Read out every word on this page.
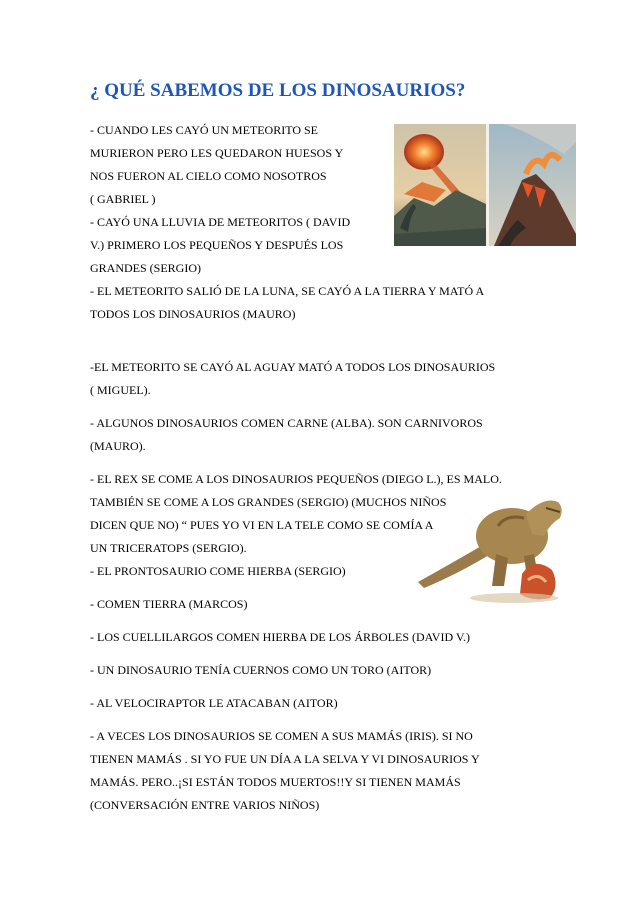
¿ QUÉ SABEMOS DE LOS DINOSAURIOS?

- CUANDO LES CAYÓ UN METEORITO SE

MURIERON PERO LES QUEDARON HUESOS Y

NOS FUERON AL CIELO COMO NOSOTROS

( GABRIEL )

- CAYÓ UNA LLUVIA DE METEORITOS ( DAVID

V.) PRIMERO LOS PEQUEÑOS Y DESPUÉS LOS

GRANDES (SERGIO)

- EL METEORITO SALIÓ DE LA LUNA, SE CAYÓ A LA TIERRA Y MATÓ A

TODOS LOS DINOSAURIOS (MAURO)

-EL METEORITO SE CAYÓ AL AGUAY MATÓ A TODOS LOS DINOSAURIOS

( MIGUEL).

- ALGUNOS DINOSAURIOS COMEN CARNE (ALBA). SON CARNIVOROS

(MAURO).

- EL REX SE COME A LOS DINOSAURIOS PEQUEÑOS (DIEGO L.), ES MALO.

TAMBIÉN SE COME A LOS GRANDES (SERGIO) (MUCHOS NIÑOS

DICEN QUE NO) “ PUES YO VI EN LA TELE COMO SE COMÍA A

UN TRICERATOPS (SERGIO).

- EL PRONTOSAURIO COME HIERBA (SERGIO)

- COMEN TIERRA (MARCOS)

- LOS CUELLILARGOS COMEN HIERBA DE LOS ÁRBOLES (DAVID V.)

- UN DINOSAURIO TENÍA CUERNOS COMO UN TORO (AITOR)

- AL VELOCIRAPTOR LE ATACABAN (AITOR)

- A VECES LOS DINOSAURIOS SE COMEN A SUS MAMÁS (IRIS). SI NO

TIENEN MAMÁS . SI YO FUE UN DÍA A LA SELVA Y VI DINOSAURIOS Y

MAMÁS. PERO..¡SI ESTÁN TODOS MUERTOS!!Y SI TIENEN MAMÁS

(CONVERSACIÓN ENTRE VARIOS NIÑOS)
